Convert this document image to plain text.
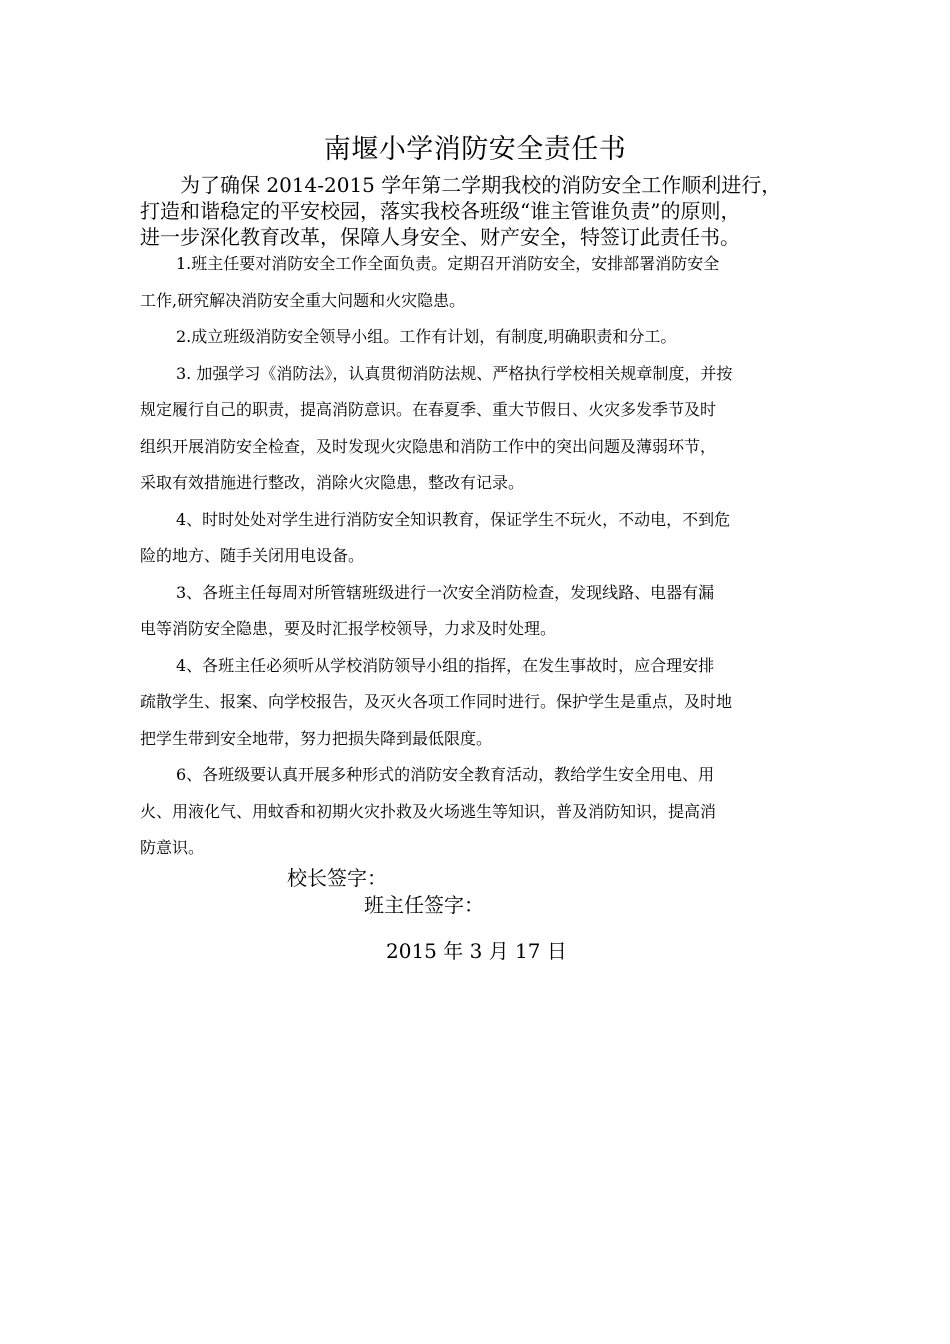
南堰小学消防安全责任书
为了确保 2014-2015 学年第二学期我校的消防安全工作顺利进行，
打造和谐稳定的平安校园，落实我校各班级“谁主管谁负责”的原则，
进一步深化教育改革，保障人身安全、财产安全，特签订此责任书。

1.班主任要对消防安全工作全面负责。定期召开消防安全，安排部署消防安全
工作,研究解决消防安全重大问题和火灾隐患。

2.成立班级消防安全领导小组。工作有计划，有制度,明确职责和分工。

3. 加强学习《消防法》，认真贯彻消防法规、严格执行学校相关规章制度，并按
规定履行自己的职责，提高消防意识。在春夏季、重大节假日、火灾多发季节及时
组织开展消防安全检查，及时发现火灾隐患和消防工作中的突出问题及薄弱环节，
采取有效措施进行整改，消除火灾隐患，整改有记录。

4、时时处处对学生进行消防安全知识教育，保证学生不玩火，不动电，不到危
险的地方、随手关闭用电设备。

3、各班主任每周对所管辖班级进行一次安全消防检查，发现线路、电器有漏
电等消防安全隐患，要及时汇报学校领导，力求及时处理。

4、各班主任必须听从学校消防领导小组的指挥，在发生事故时，应合理安排
疏散学生、报案、向学校报告，及灭火各项工作同时进行。保护学生是重点，及时地
把学生带到安全地带，努力把损失降到最低限度。

6、各班级要认真开展多种形式的消防安全教育活动，教给学生安全用电、用
火、用液化气、用蚊香和初期火灾扑救及火场逃生等知识，普及消防知识，提高消
防意识。

校长签字：
班主任签字：
2015 年 3 月 17 日
